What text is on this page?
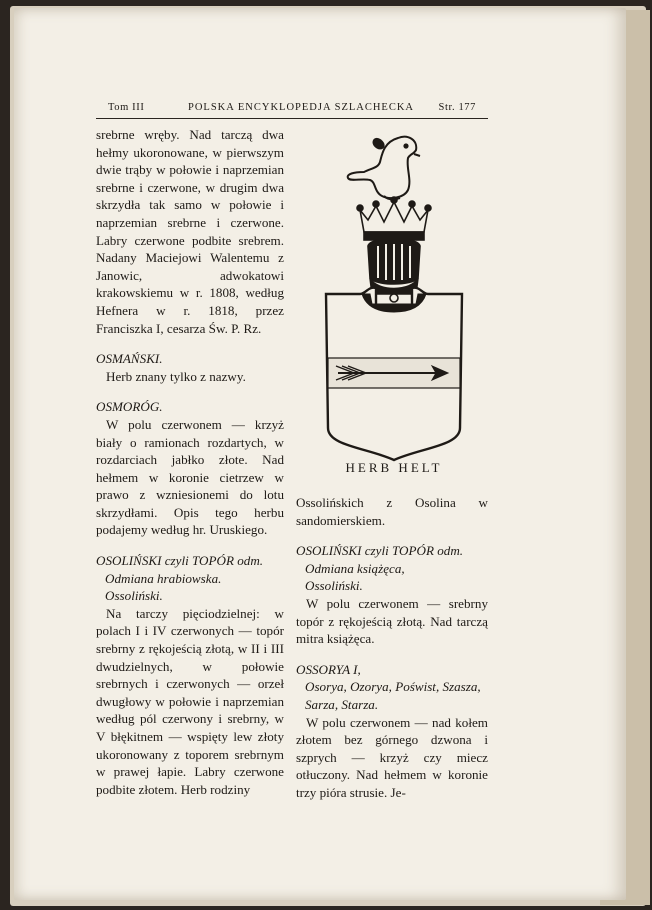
Tom III	POLSKA ENCYKLOPEDJA SZLACHECKA Str. 177

srebrne wręby. Nad tarczą dwa hełmy ukoronowane, w pierwszym dwie trąby w połowie i naprzemian srebrne i czerwone, w drugim dwa skrzydła tak samo w połowie i naprzemian srebrne i czerwone. Labry czerwone podbite srebrem. Nadany Maciejowi Walentemu z Janowic, adwokatowi krakowskiemu w r. 1808, według Hefnera w r. 1818, przez Franciszka I, cesarza Św. P. Rz.

OSMAŃSKI.

Herb znany tylko z nazwy.

OSMORÓG.

W polu czerwonem — krzyż biały o ramionach rozdartych, w rozdarciach jabłko złote. Nad hełmem w koronie cietrzew w prawo z wzniesionemi do lotu skrzydłami. Opis tego herbu podajemy według hr. Uruskiego.

OSOLIŃSKI czyli TOPÓR odm.

Odmiana hrabiowska.

Ossoliński.

Na tarczy pięciodzielnej: w polach I i IV czerwonych — topór srebrny z rękojeścią złotą, w II i III dwudzielnych, w połowie srebrnych i czerwonych — orzeł dwugłowy w połowie i naprzemian według pól czerwony i srebrny, w V błękitnem — wspięty lew złoty ukoronowany z toporem srebrnym w prawej łapie. Labry czerwone podbite złotem. Herb rodziny

HERB HELT

Ossolińskich z Osolina w sandomierskiem.

OSOLIŃSKI czyli TOPÓR odm.

Odmiana książęca,

Ossoliński.

W polu czerwonem — srebrny topór z rękojeścią złotą. Nad tarczą mitra książęca.

OSSORYA I,

Osorya, Ozorya, Poświst, Szasza, Sarza, Starza.

W polu czerwonem — nad kołem złotem bez górnego dzwona i szprych — krzyż czy miecz otłuczony. Nad hełmem w koronie trzy pióra strusie. Je-
